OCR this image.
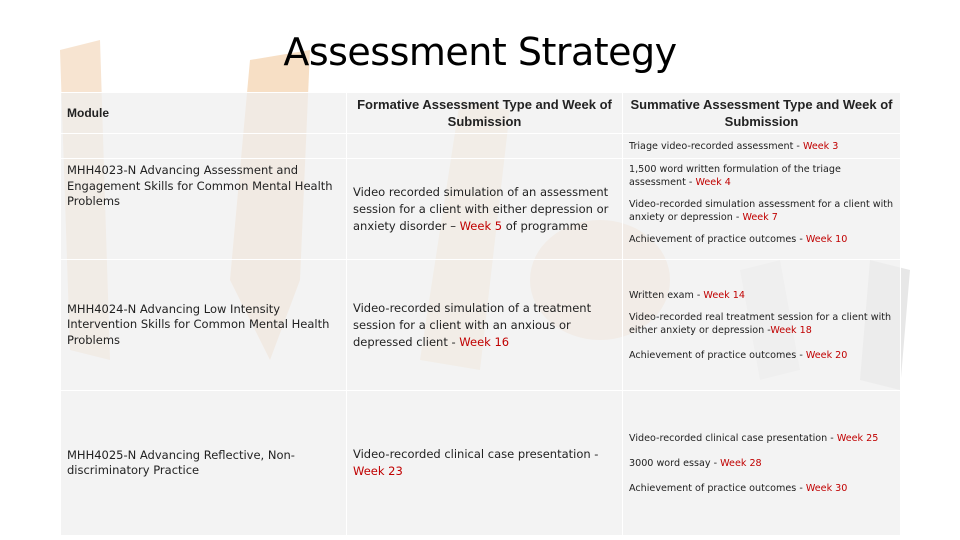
Assessment Strategy
Module	Formative Assessment Type and Week of Submission	Summative Assessment Type and Week of Submission
		Triage video-recorded assessment - Week 3
MHH4023-N Advancing Assessment and Engagement Skills for Common Mental Health Problems	Video recorded simulation of an assessment session for a client with either depression or anxiety disorder – Week 5 of programme	1,500 word written formulation of the triage assessment - Week 4
Video-recorded simulation assessment for a client with anxiety or depression - Week 7
Achievement of practice outcomes - Week 10

MHH4024-N Advancing Low Intensity Intervention Skills for Common Mental Health Problems	Video-recorded simulation of a treatment session for a client with an anxious or depressed client - Week 16	Written exam - Week 14
Video-recorded real treatment session for a client with either anxiety or depression -Week 18
Achievement of practice outcomes - Week 20

MHH4025-N Advancing Reflective, Non-discriminatory Practice	Video-recorded clinical case presentation - Week 23	Video-recorded clinical case presentation - Week 25
3000 word essay - Week 28
Achievement of practice outcomes - Week 30
